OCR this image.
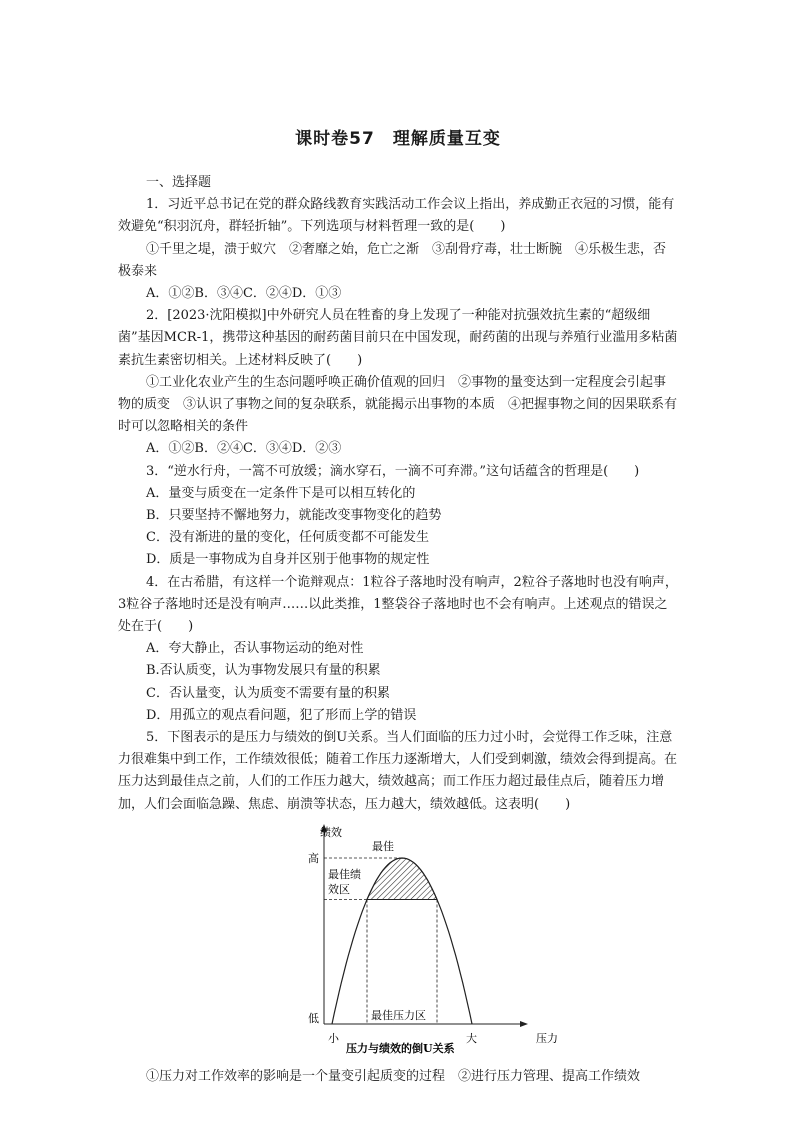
课时卷57　理解质量互变

一、选择题

1．习近平总书记在党的群众路线教育实践活动工作会议上指出，养成勤正衣冠的习惯，能有效避免“积羽沉舟，群轻折轴”。下列选项与材料哲理一致的是(　　)

①千里之堤，溃于蚁穴　②奢靡之始，危亡之渐　③刮骨疗毒，壮士断腕　④乐极生悲，否极泰来

A．①②B．③④C．②④D．①③

2．[2023·沈阳模拟]中外研究人员在牲畜的身上发现了一种能对抗强效抗生素的“超级细菌”基因MCR-1，携带这种基因的耐药菌目前只在中国发现，耐药菌的出现与养殖行业滥用多粘菌素抗生素密切相关。上述材料反映了(　　)

①工业化农业产生的生态问题呼唤正确价值观的回归　②事物的量变达到一定程度会引起事物的质变　③认识了事物之间的复杂联系，就能揭示出事物的本质　④把握事物之间的因果联系有时可以忽略相关的条件

A．①②B．②④C．③④D．②③

3．“逆水行舟，一篙不可放缓；滴水穿石，一滴不可弃滞。”这句话蕴含的哲理是(　　)

A．量变与质变在一定条件下是可以相互转化的

B．只要坚持不懈地努力，就能改变事物变化的趋势

C．没有渐进的量的变化，任何质变都不可能发生

D．质是一事物成为自身并区别于他事物的规定性

4．在古希腊，有这样一个诡辩观点：1粒谷子落地时没有响声，2粒谷子落地时也没有响声，3粒谷子落地时还是没有响声……以此类推，1整袋谷子落地时也不会有响声。上述观点的错误之处在于(　　)

A．夸大静止，否认事物运动的绝对性

B.否认质变，认为事物发展只有量的积累

C．否认量变，认为质变不需要有量的积累

D．用孤立的观点看问题，犯了形而上学的错误

5．下图表示的是压力与绩效的倒U关系。当人们面临的压力过小时，会觉得工作乏味，注意力很难集中到工作，工作绩效很低；随着工作压力逐渐增大，人们受到刺激，绩效会得到提高。在压力达到最佳点之前，人们的工作压力越大，绩效越高；而工作压力超过最佳点后，随着压力增加，人们会面临急躁、焦虑、崩溃等状态，压力越大，绩效越低。这表明(　　)

绩效
压力
高
低
小	大
最佳
最佳绩
效区
最佳压力区
压力与绩效的倒U关系

①压力对工作效率的影响是一个量变引起质变的过程　②进行压力管理、提高工作绩效
